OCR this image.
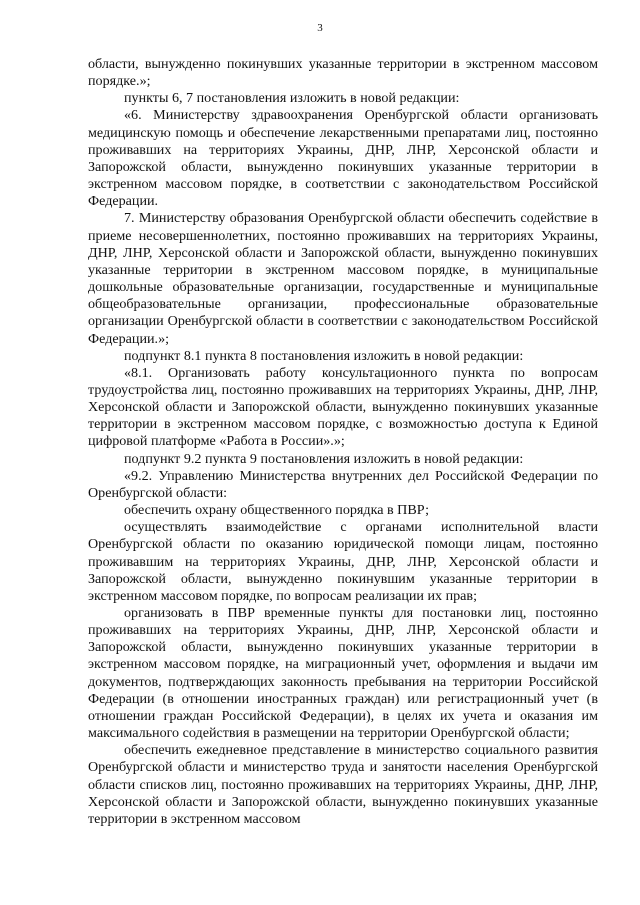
3

области, вынужденно покинувших указанные территории в экстренном массовом порядке.»;

пункты 6, 7 постановления изложить в новой редакции:

«6. Министерству здравоохранения Оренбургской области организовать медицинскую помощь и обеспечение лекарственными препаратами лиц, постоянно проживавших на территориях Украины, ДНР, ЛНР, Херсонской области и Запорожской области, вынужденно покинувших указанные территории в экстренном массовом порядке, в соответствии с законодательством Российской Федерации.

7. Министерству образования Оренбургской области обеспечить содействие в приеме несовершеннолетних, постоянно проживавших на территориях Украины, ДНР, ЛНР, Херсонской области и Запорожской области, вынужденно покинувших указанные территории в экстренном массовом порядке, в муниципальные дошкольные образовательные организации, государственные и муниципальные общеобразовательные организации, профессиональные образовательные организации Оренбургской области в соответствии с законодательством Российской Федерации.»;

подпункт 8.1 пункта 8 постановления изложить в новой редакции:

«8.1. Организовать работу консультационного пункта по вопросам трудоустройства лиц, постоянно проживавших на территориях Украины, ДНР, ЛНР, Херсонской области и Запорожской области, вынужденно покинувших указанные территории в экстренном массовом порядке, с возможностью доступа к Единой цифровой платформе «Работа в России».»;

подпункт 9.2 пункта 9 постановления изложить в новой редакции:

«9.2. Управлению Министерства внутренних дел Российской Федерации по Оренбургской области:

обеспечить охрану общественного порядка в ПВР;

осуществлять взаимодействие с органами исполнительной власти Оренбургской области по оказанию юридической помощи лицам, постоянно проживавшим на территориях Украины, ДНР, ЛНР, Херсонской области и Запорожской области, вынужденно покинувшим указанные территории в экстренном массовом порядке, по вопросам реализации их прав;

организовать в ПВР временные пункты для постановки лиц, постоянно проживавших на территориях Украины, ДНР, ЛНР, Херсонской области и Запорожской области, вынужденно покинувших указанные территории в экстренном массовом порядке, на миграционный учет, оформления и выдачи им документов, подтверждающих законность пребывания на территории Российской Федерации (в отношении иностранных граждан) или регистрационный учет (в отношении граждан Российской Федерации), в целях их учета и оказания им максимального содействия в размещении на территории Оренбургской области;

обеспечить ежедневное представление в министерство социального развития Оренбургской области и министерство труда и занятости населения Оренбургской области списков лиц, постоянно проживавших на территориях Украины, ДНР, ЛНР, Херсонской области и Запорожской области, вынужденно покинувших указанные территории в экстренном массовом
